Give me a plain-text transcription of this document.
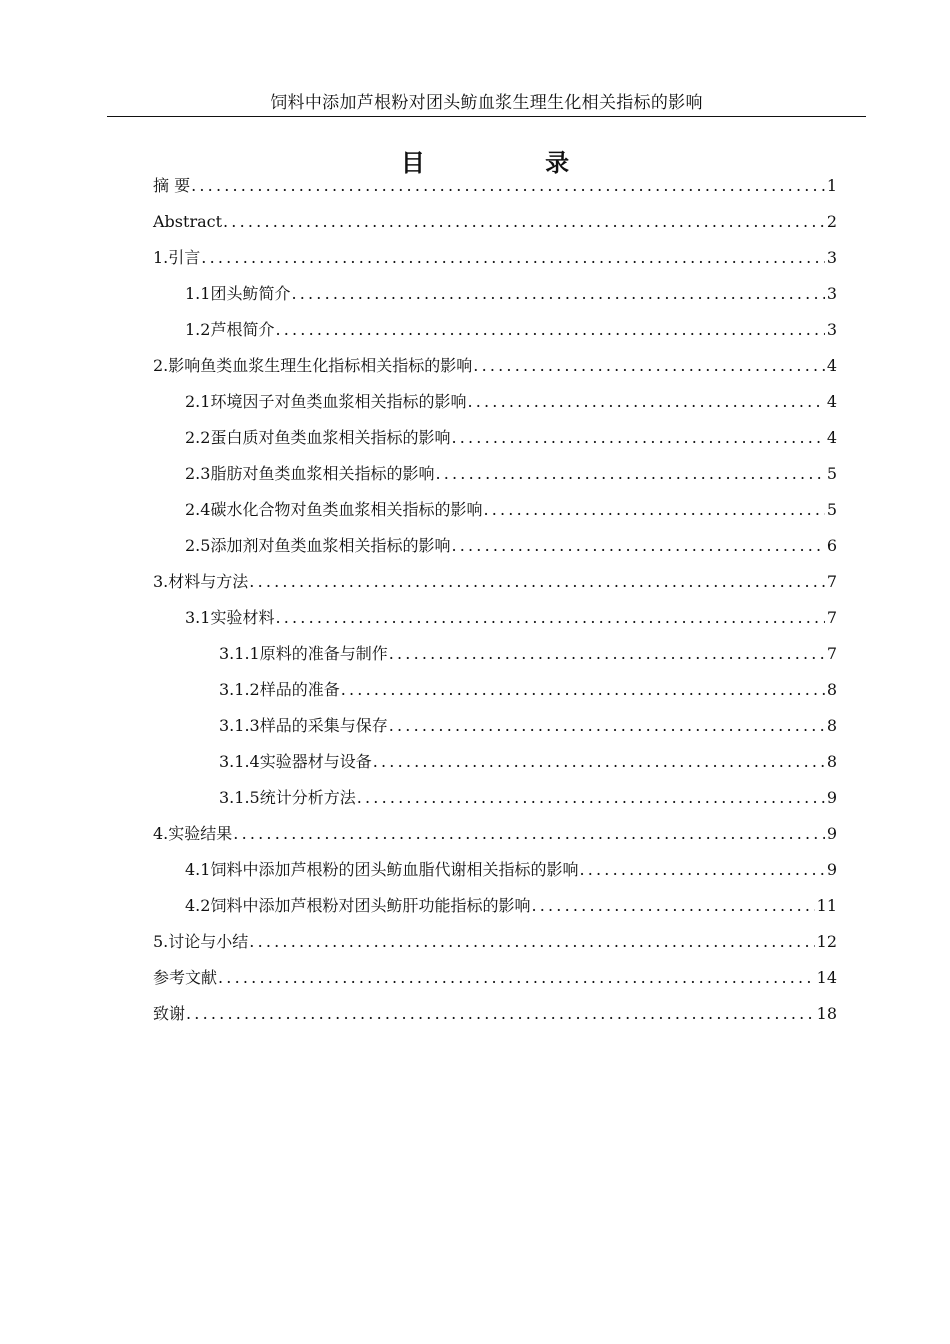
饲料中添加芦根粉对团头鲂血浆生理生化相关指标的影响
目 录
摘 要 .....	1
Abstract .....	2
1.引言 .....	3
1.1团头鲂简介 .....	3
1.2芦根简介 .....	3
2.影响鱼类血浆生理生化指标相关指标的影响 .....	4
2.1环境因子对鱼类血浆相关指标的影响 .....	4
2.2蛋白质对鱼类血浆相关指标的影响 .....	4
2.3脂肪对鱼类血浆相关指标的影响 .....	5
2.4碳水化合物对鱼类血浆相关指标的影响 .....	5
2.5添加剂对鱼类血浆相关指标的影响 .....	6
3.材料与方法 .....	7
3.1实验材料 .....	7
3.1.1原料的准备与制作 .....	7
3.1.2样品的准备 .....	8
3.1.3样品的采集与保存 .....	8
3.1.4实验器材与设备 .....	8
3.1.5统计分析方法 .....	9
4.实验结果 .....	9
4.1饲料中添加芦根粉的团头鲂血脂代谢相关指标的影响 .....	9
4.2饲料中添加芦根粉对团头鲂肝功能指标的影响 .....	11
5.讨论与小结 .....	12
参考文献 .....	14
致谢 .....	18
